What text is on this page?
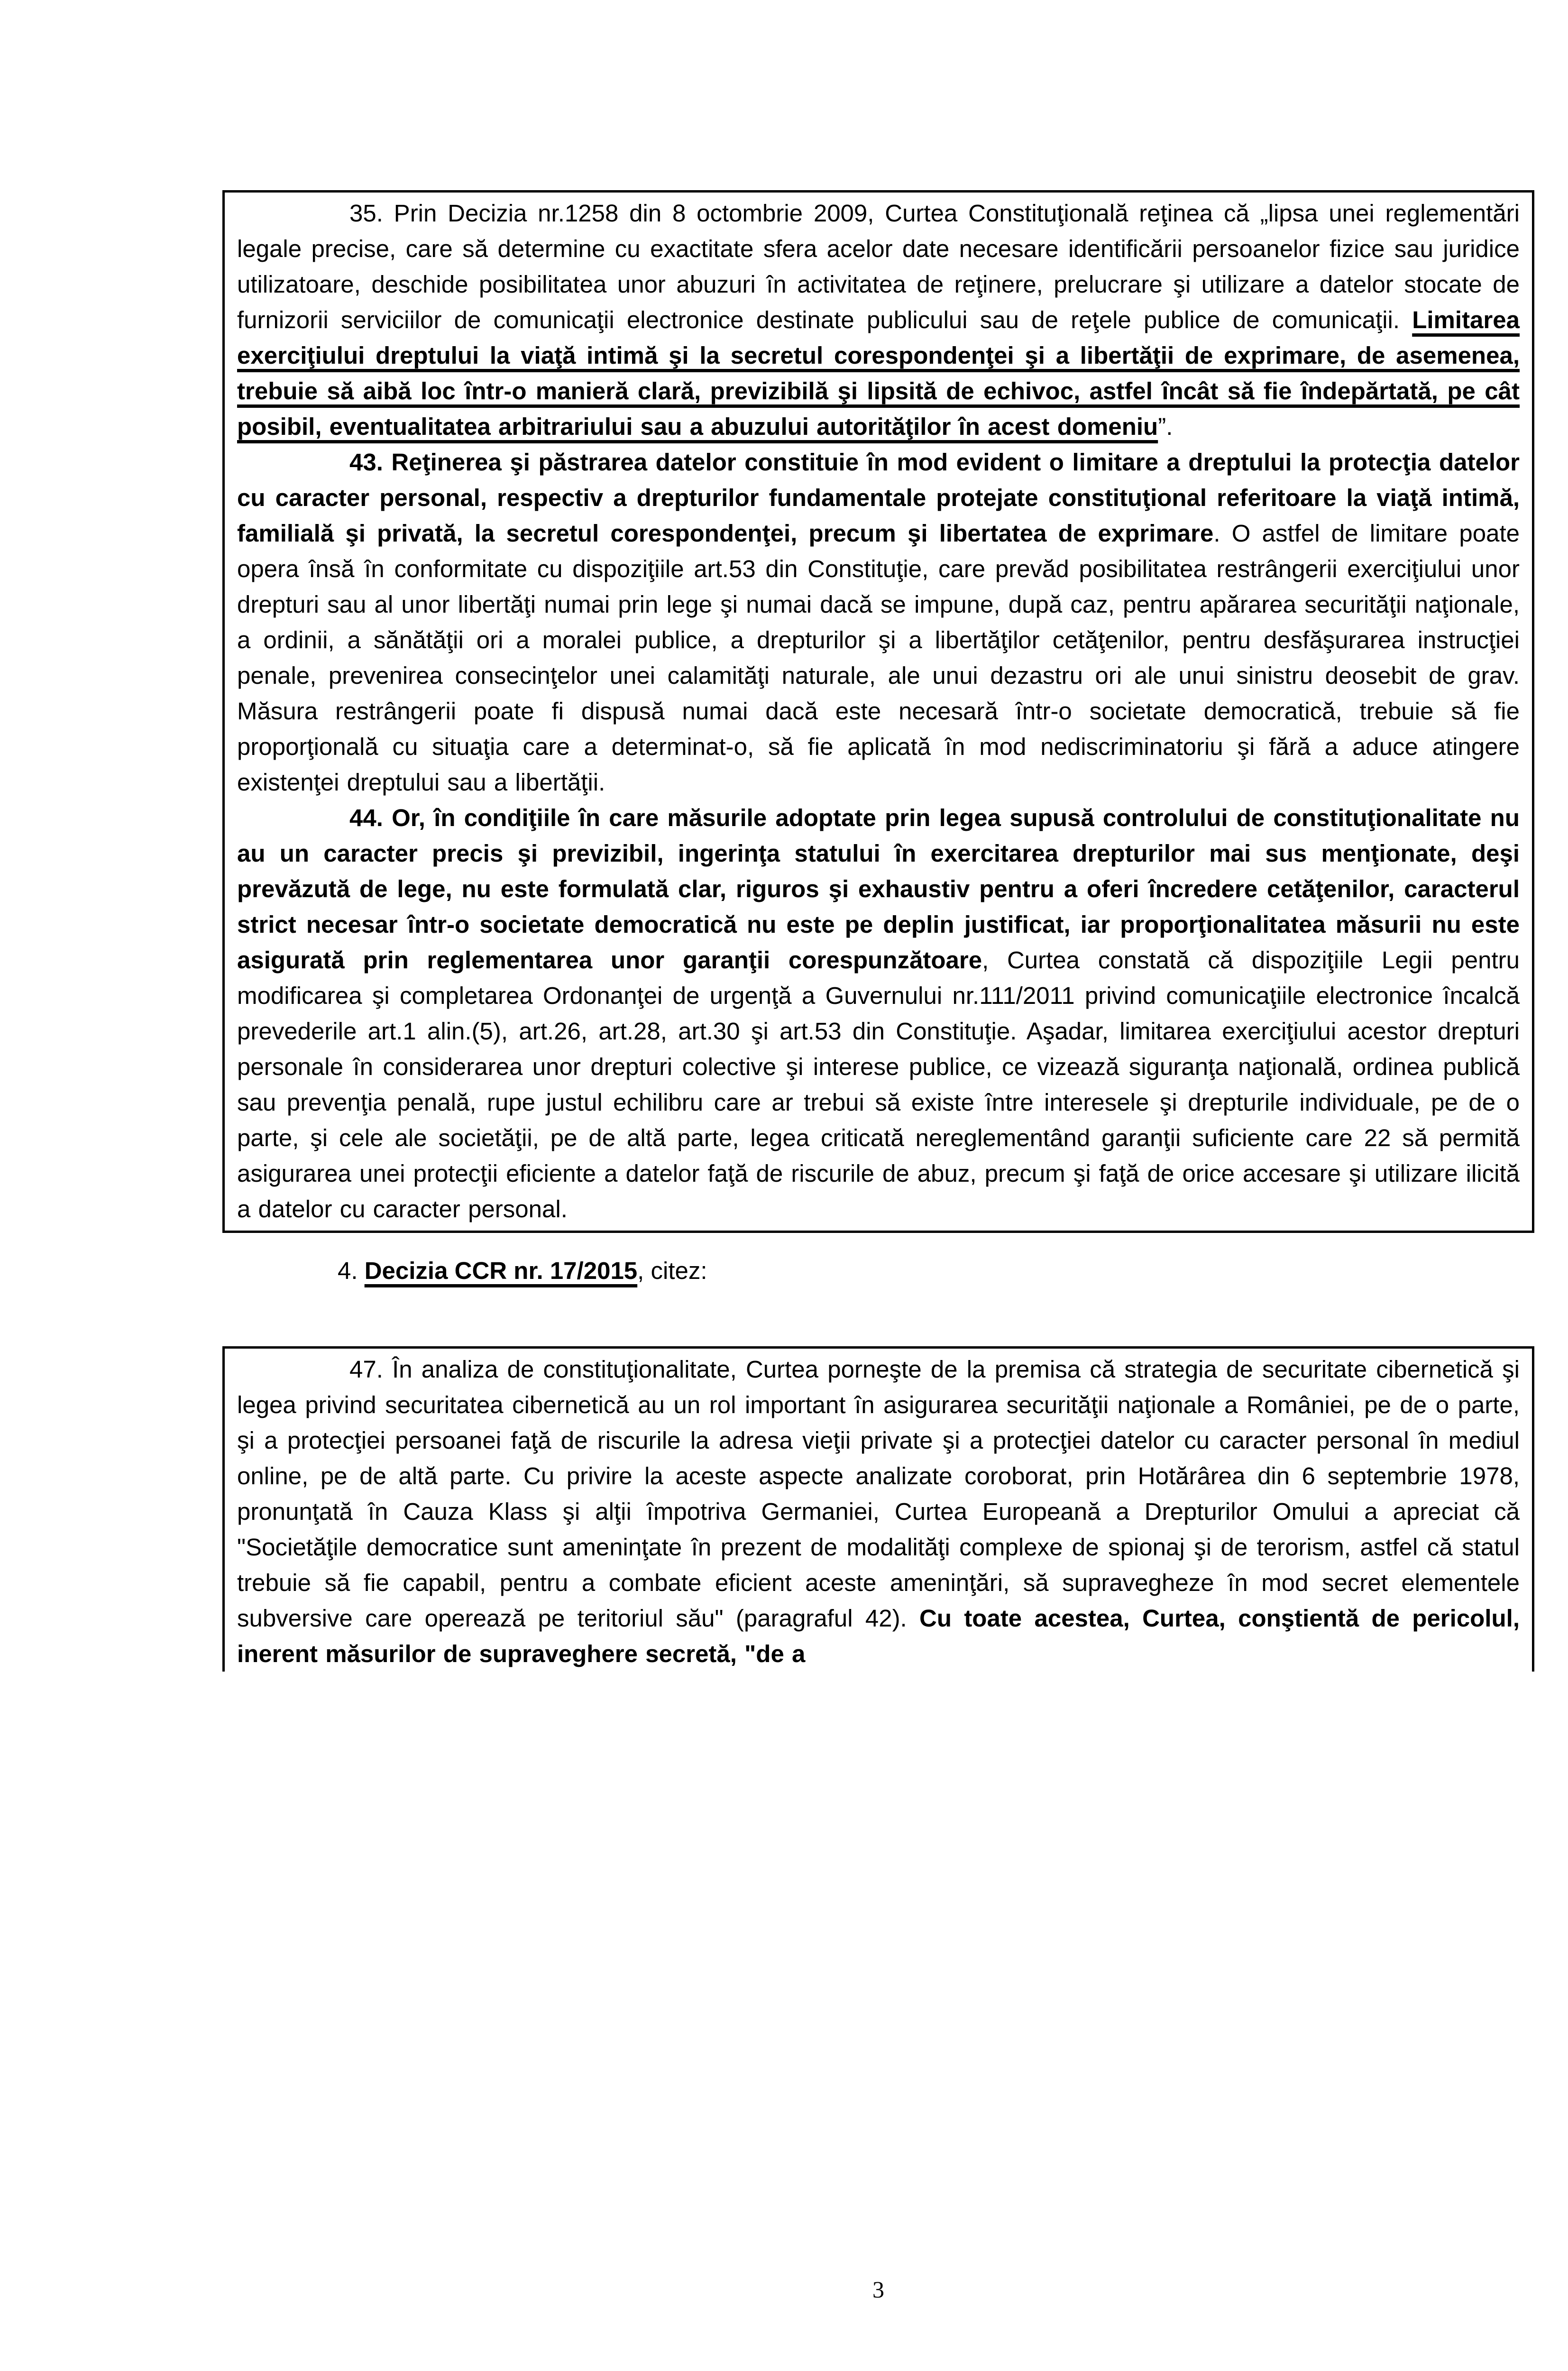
35. Prin Decizia nr.1258 din 8 octombrie 2009, Curtea Constituţională reţinea că „lipsa unei reglementări legale precise, care să determine cu exactitate sfera acelor date necesare identificării persoanelor fizice sau juridice utilizatoare, deschide posibilitatea unor abuzuri în activitatea de reţinere, prelucrare şi utilizare a datelor stocate de furnizorii serviciilor de comunicaţii electronice destinate publicului sau de reţele publice de comunicaţii. Limitarea exerciţiului dreptului la viaţă intimă şi la secretul corespondenţei şi a libertăţii de exprimare, de asemenea, trebuie să aibă loc într-o manieră clară, previzibilă şi lipsită de echivoc, astfel încât să fie îndepărtată, pe cât posibil, eventualitatea arbitrariului sau a abuzului autorităţilor în acest domeniu”.

43. Reţinerea şi păstrarea datelor constituie în mod evident o limitare a dreptului la protecţia datelor cu caracter personal, respectiv a drepturilor fundamentale protejate constituţional referitoare la viaţă intimă, familială şi privată, la secretul corespondenţei, precum şi libertatea de exprimare. O astfel de limitare poate opera însă în conformitate cu dispoziţiile art.53 din Constituţie, care prevăd posibilitatea restrângerii exerciţiului unor drepturi sau al unor libertăţi numai prin lege şi numai dacă se impune, după caz, pentru apărarea securităţii naţionale, a ordinii, a sănătăţii ori a moralei publice, a drepturilor şi a libertăţilor cetăţenilor, pentru desfăşurarea instrucţiei penale, prevenirea consecinţelor unei calamităţi naturale, ale unui dezastru ori ale unui sinistru deosebit de grav. Măsura restrângerii poate fi dispusă numai dacă este necesară într-o societate democratică, trebuie să fie proporţională cu situaţia care a determinat-o, să fie aplicată în mod nediscriminatoriu şi fără a aduce atingere existenţei dreptului sau a libertăţii.

44. Or, în condiţiile în care măsurile adoptate prin legea supusă controlului de constituţionalitate nu au un caracter precis şi previzibil, ingerinţa statului în exercitarea drepturilor mai sus menţionate, deşi prevăzută de lege, nu este formulată clar, riguros şi exhaustiv pentru a oferi încredere cetăţenilor, caracterul strict necesar într-o societate democratică nu este pe deplin justificat, iar proporţionalitatea măsurii nu este asigurată prin reglementarea unor garanţii corespunzătoare, Curtea constată că dispoziţiile Legii pentru modificarea şi completarea Ordonanţei de urgenţă a Guvernului nr.111/2011 privind comunicaţiile electronice încalcă prevederile art.1 alin.(5), art.26, art.28, art.30 şi art.53 din Constituţie. Aşadar, limitarea exerciţiului acestor drepturi personale în considerarea unor drepturi colective şi interese publice, ce vizează siguranţa naţională, ordinea publică sau prevenţia penală, rupe justul echilibru care ar trebui să existe între interesele şi drepturile individuale, pe de o parte, şi cele ale societăţii, pe de altă parte, legea criticată nereglementând garanţii suficiente care 22 să permită asigurarea unei protecţii eficiente a datelor faţă de riscurile de abuz, precum şi faţă de orice accesare şi utilizare ilicită a datelor cu caracter personal.

4. Decizia CCR nr. 17/2015, citez:

47. În analiza de constituţionalitate, Curtea porneşte de la premisa că strategia de securitate cibernetică şi legea privind securitatea cibernetică au un rol important în asigurarea securităţii naţionale a României, pe de o parte, şi a protecţiei persoanei faţă de riscurile la adresa vieţii private şi a protecţiei datelor cu caracter personal în mediul online, pe de altă parte. Cu privire la aceste aspecte analizate coroborat, prin Hotărârea din 6 septembrie 1978, pronunţată în Cauza Klass şi alţii împotriva Germaniei, Curtea Europeană a Drepturilor Omului a apreciat că "Societăţile democratice sunt ameninţate în prezent de modalităţi complexe de spionaj şi de terorism, astfel că statul trebuie să fie capabil, pentru a combate eficient aceste ameninţări, să supravegheze în mod secret elementele subversive care operează pe teritoriul său" (paragraful 42). Cu toate acestea, Curtea, conştientă de pericolul, inerent măsurilor de supraveghere secretă, "de a

3
